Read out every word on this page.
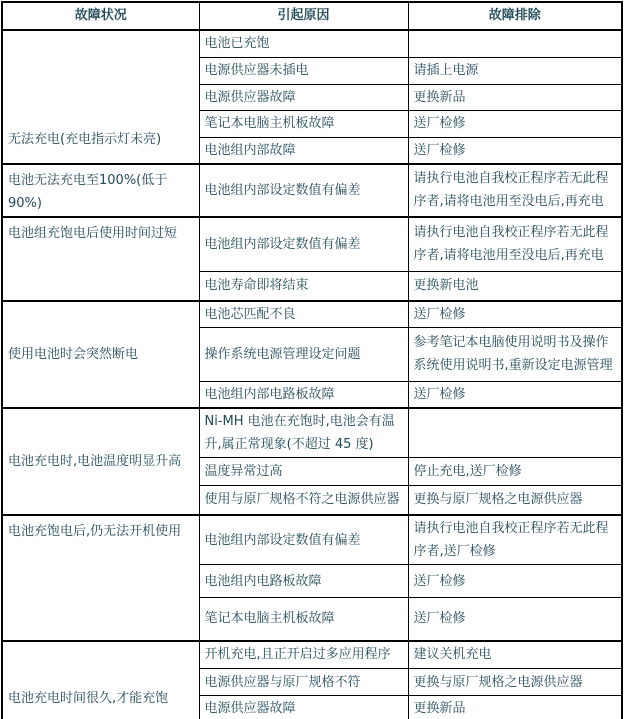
故障状况	引起原因	故障排除
无法充电(充电指示灯未亮)	电池已充饱	
	电源供应器未插电	请插上电源
	电源供应器故障	更换新品
	笔记本电脑主机板故障	送厂检修
	电池组内部故障	送厂检修
电池无法充电至100%(低于 90%)	电池组内部设定数值有偏差	请执行电池自我校正程序若无此程序者,请将电池用至没电后,再充电
电池组充饱电后使用时间过短	电池组内部设定数值有偏差	请执行电池自我校正程序若无此程序者,请将电池用至没电后,再充电
	电池寿命即将结束	更换新电池
使用电池时会突然断电	电池芯匹配不良	送厂检修
	操作系统电源管理设定问题	参考笔记本电脑使用说明书及操作系统使用说明书,重新设定电源管理
	电池组内部电路板故障	送厂检修
电池充电时,电池温度明显升高	Ni-MH 电池在充饱时,电池会有温升,属正常现象(不超过 45 度)	
	温度异常过高	停止充电,送厂检修
	使用与原厂规格不符之电源供应器	更换与原厂规格之电源供应器
电池充饱电后,仍无法开机使用	电池组内部设定数值有偏差	请执行电池自我校正程序若无此程序者,送厂检修
	电池组内电路板故障	送厂检修
	笔记本电脑主机板故障	送厂检修
电池充电时间很久,才能充饱	开机充电,且正开启过多应用程序	建议关机充电
	电源供应器与原厂规格不符	更换与原厂规格之电源供应器
	电源供应器故障	更换新品
